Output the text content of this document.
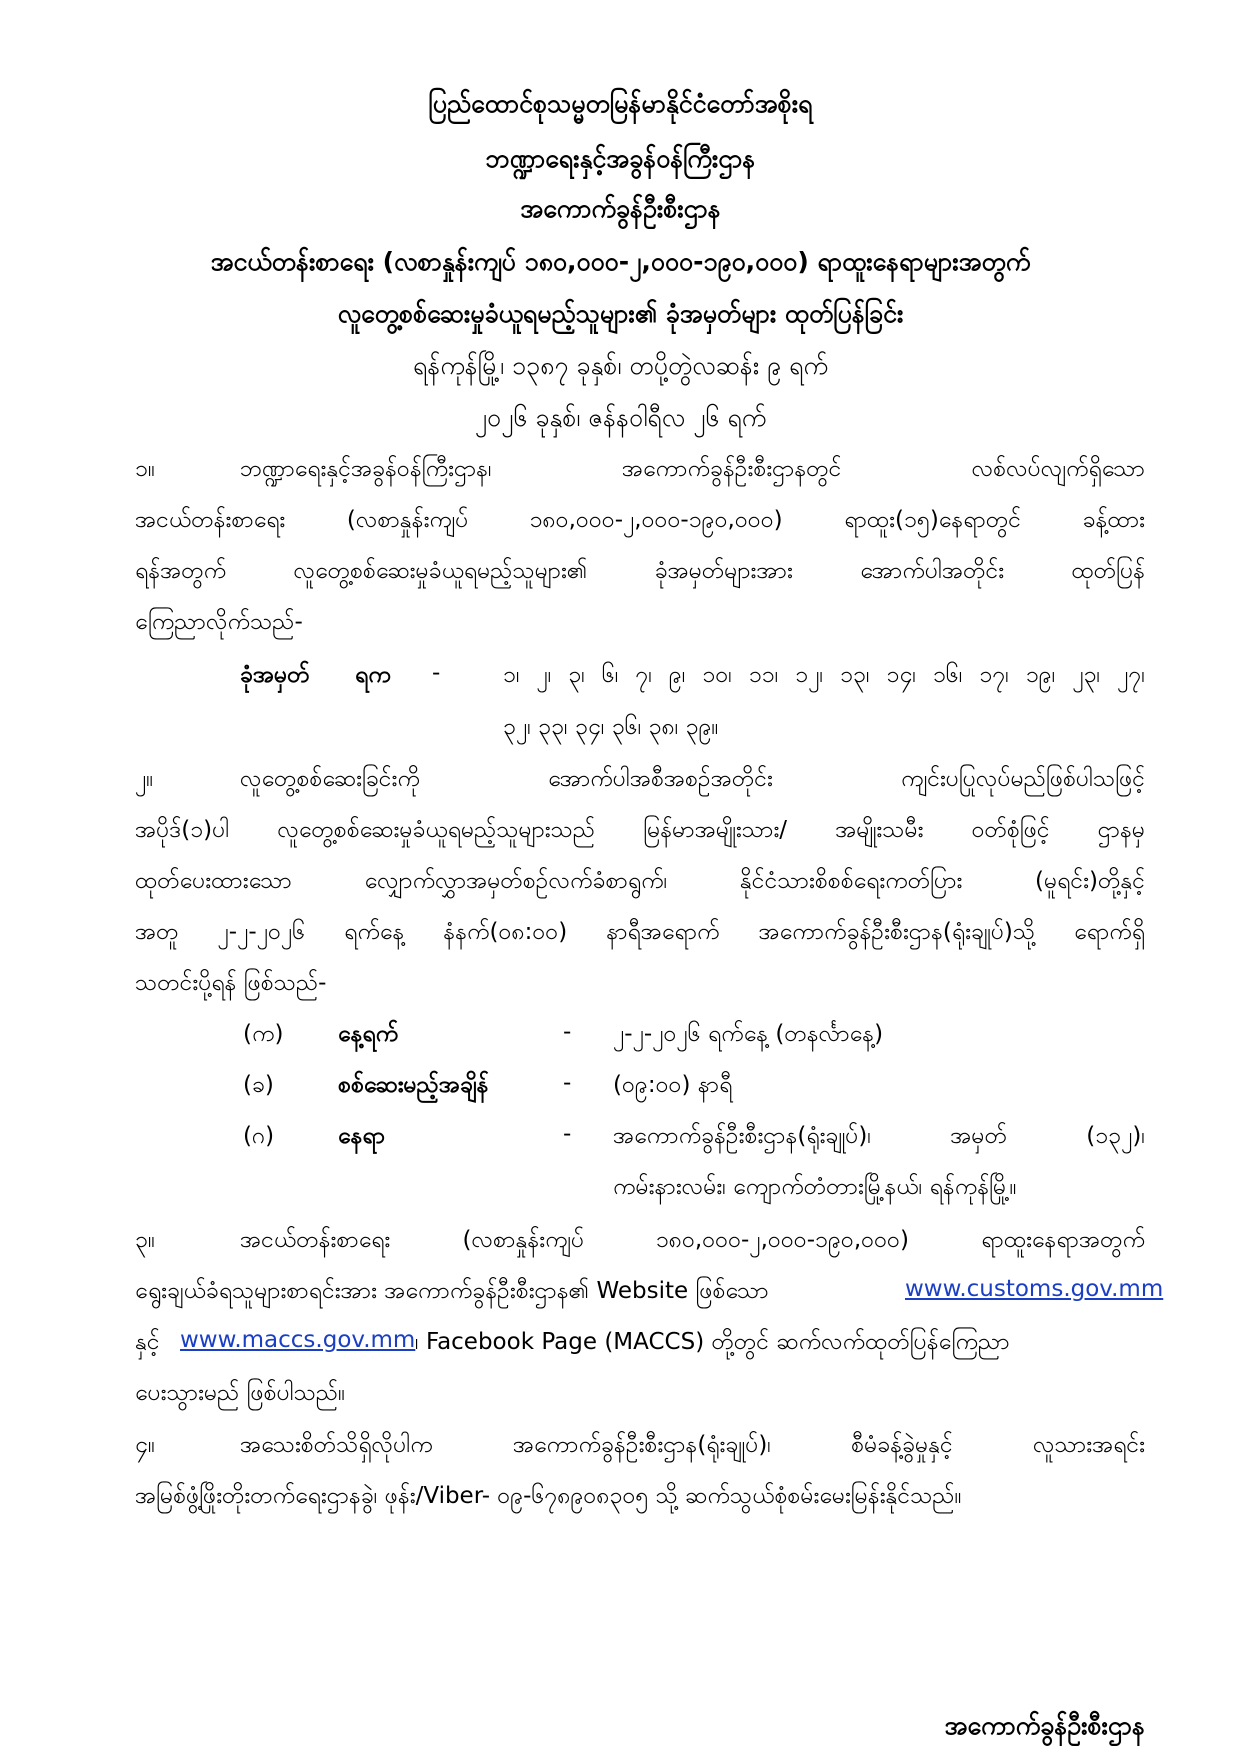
ပြည်ထောင်စုသမ္မတမြန်မာနိုင်ငံတော်အစိုးရ
ဘဏ္ဍာရေးနှင့်အခွန်ဝန်ကြီးဌာန
အကောက်ခွန်ဦးစီးဌာန
အငယ်တန်းစာရေး (လစာနှုန်းကျပ် ၁၈၀,၀၀၀-၂,၀၀၀-၁၉၀,၀၀၀) ရာထူးနေရာများအတွက်
လူတွေ့စစ်ဆေးမှုခံယူရမည့်သူများ၏ ခုံအမှတ်များ ထုတ်ပြန်ခြင်း
ရန်ကုန်မြို့၊ ၁၃၈၇ ခုနှစ်၊ တပို့တွဲလဆန်း ၉ ရက်
၂၀၂၆ ခုနှစ်၊ ဇန်နဝါရီလ ၂၆ ရက်
၁။	ဘဏ္ဍာရေးနှင့်အခွန်ဝန်ကြီးဌာန၊ အကောက်ခွန်ဦးစီးဌာနတွင် လစ်လပ်လျက်ရှိသော
အငယ်တန်းစာရေး (လစာနှုန်းကျပ် ၁၈၀,၀၀၀-၂,၀၀၀-၁၉၀,၀၀၀) ရာထူး(၁၅)နေရာတွင် ခန့်ထား
ရန်အတွက် လူတွေ့စစ်ဆေးမှုခံယူရမည့်သူများ၏ ခုံအမှတ်များအား အောက်ပါအတိုင်း ထုတ်ပြန်
ကြေညာလိုက်သည်-
ခုံအမှတ် ရက -	၁၊ ၂၊ ၃၊ ၆၊ ၇၊ ၉၊ ၁၀၊ ၁၁၊ ၁၂၊ ၁၃၊ ၁၄၊ ၁၆၊ ၁၇၊ ၁၉၊ ၂၃၊ ၂၇၊
၃၂၊ ၃၃၊ ၃၄၊ ၃၆၊ ၃၈၊ ၃၉။
၂။	လူတွေ့စစ်ဆေးခြင်းကို အောက်ပါအစီအစဉ်အတိုင်း ကျင်းပပြုလုပ်မည်ဖြစ်ပါသဖြင့်
အပိုဒ်(၁)ပါ လူတွေ့စစ်ဆေးမှုခံယူရမည့်သူများသည် မြန်မာအမျိုးသား/ အမျိုးသမီး ဝတ်စုံဖြင့် ဌာနမှ
ထုတ်ပေးထားသော လျှောက်လွှာအမှတ်စဉ်လက်ခံစာရွက်၊ နိုင်ငံသားစိစစ်ရေးကတ်ပြား (မူရင်း)တို့နှင့်
အတူ ၂-၂-၂၀၂၆ ရက်နေ့ နံနက်(၀၈:၀၀) နာရီအရောက် အကောက်ခွန်ဦးစီးဌာန(ရုံးချုပ်)သို့ ရောက်ရှိ
သတင်းပို့ရန် ဖြစ်သည်-
(က) နေ့ရက်	- ၂-၂-၂၀၂၆ ရက်နေ့ (တနင်္လာနေ့)
(ခ)	စစ်ဆေးမည့်အချိန်	- (၀၉:၀၀) နာရီ
(ဂ)	နေရာ	- အကောက်ခွန်ဦးစီးဌာန(ရုံးချုပ်)၊ အမှတ် (၁၃၂)၊
ကမ်းနားလမ်း၊ ကျောက်တံတားမြို့နယ်၊ ရန်ကုန်မြို့။
၃။	အငယ်တန်းစာရေး (လစာနှုန်းကျပ် ၁၈၀,၀၀၀-၂,၀၀၀-၁၉၀,၀၀၀) ရာထူးနေရာအတွက်
ရွေးချယ်ခံရသူများစာရင်းအား အကောက်ခွန်ဦးစီးဌာန၏ Website ဖြစ်သော	www.customs.gov.mm
နှင့် www.maccs.gov.mm ၊ Facebook Page (MACCS) တို့တွင် ဆက်လက်ထုတ်ပြန်ကြေညာ
ပေးသွားမည် ဖြစ်ပါသည်။
၄။	အသေးစိတ်သိရှိလိုပါက အကောက်ခွန်ဦးစီးဌာန(ရုံးချုပ်)၊ စီမံခန့်ခွဲမှုနှင့် လူသားအရင်း
အမြစ်ဖွံ့ဖြိုးတိုးတက်ရေးဌာနခွဲ၊ ဖုန်း/Viber- ၀၉-၆၇၈၉၀၈၃၀၅ သို့ ဆက်သွယ်စုံစမ်းမေးမြန်းနိုင်သည်။
အကောက်ခွန်ဦးစီးဌာန
